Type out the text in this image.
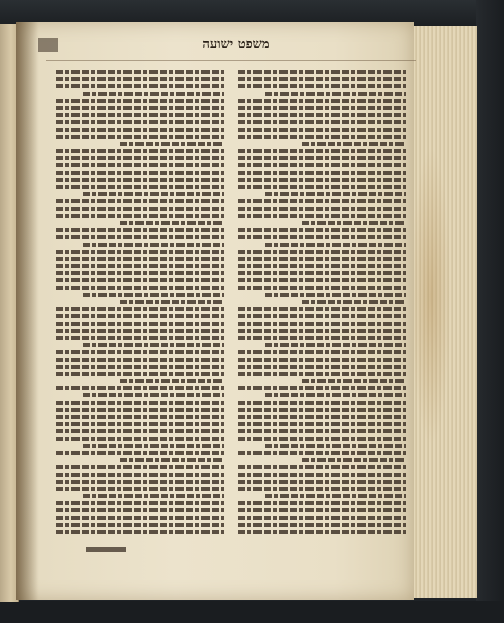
משפט ישועה
